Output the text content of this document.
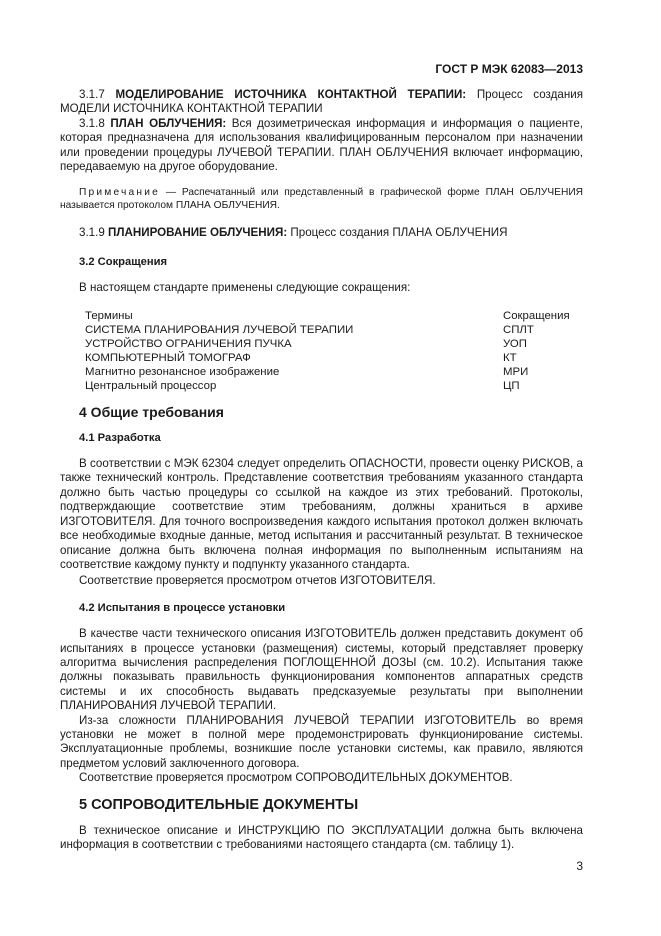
ГОСТ Р МЭК 62083—2013

3.1.7 МОДЕЛИРОВАНИЕ ИСТОЧНИКА КОНТАКТНОЙ ТЕРАПИИ: Процесс создания МОДЕЛИ ИСТОЧНИКА КОНТАКТНОЙ ТЕРАПИИ

3.1.8 ПЛАН ОБЛУЧЕНИЯ: Вся дозиметрическая информация и информация о пациенте, которая предназначена для использования квалифицированным персоналом при назначении или проведении процедуры ЛУЧЕВОЙ ТЕРАПИИ. ПЛАН ОБЛУЧЕНИЯ включает информацию, передаваемую на другое оборудование.

Примечание — Распечатанный или представленный в графической форме ПЛАН ОБЛУЧЕНИЯ называется протоколом ПЛАНА ОБЛУЧЕНИЯ.

3.1.9 ПЛАНИРОВАНИЕ ОБЛУЧЕНИЯ: Процесс создания ПЛАНА ОБЛУЧЕНИЯ

3.2 Сокращения

В настоящем стандарте применены следующие сокращения:

Термины	Сокращения
СИСТЕМА ПЛАНИРОВАНИЯ ЛУЧЕВОЙ ТЕРАПИИ	СПЛТ
УСТРОЙСТВО ОГРАНИЧЕНИЯ ПУЧКА	УОП
КОМПЬЮТЕРНЫЙ ТОМОГРАФ	КТ
Магнитно резонансное изображение	МРИ
Центральный процессор	ЦП
4 Общие требования
4.1 Разработка

В соответствии с МЭК 62304 следует определить ОПАСНОСТИ, провести оценку РИСКОВ, а также технический контроль. Представление соответствия требованиям указанного стандарта должно быть частью процедуры со ссылкой на каждое из этих требований. Протоколы, подтверждающие соответствие этим требованиям, должны храниться в архиве ИЗГОТОВИТЕЛЯ. Для точного воспроизведения каждого испытания протокол должен включать все необходимые входные данные, метод испытания и рассчитанный результат. В техническое описание должна быть включена полная информация по выполненным испытаниям на соответствие каждому пункту и подпункту указанного стандарта.

Соответствие проверяется просмотром отчетов ИЗГОТОВИТЕЛЯ.

4.2 Испытания в процессе установки

В качестве части технического описания ИЗГОТОВИТЕЛЬ должен представить документ об испытаниях в процессе установки (размещения) системы, который представляет проверку алгоритма вычисления распределения ПОГЛОЩЕННОЙ ДОЗЫ (см. 10.2). Испытания также должны показывать правильность функционирования компонентов аппаратных средств системы и их способность выдавать предсказуемые результаты при выполнении ПЛАНИРОВАНИЯ ЛУЧЕВОЙ ТЕРАПИИ.

Из-за сложности ПЛАНИРОВАНИЯ ЛУЧЕВОЙ ТЕРАПИИ ИЗГОТОВИТЕЛЬ во время установки не может в полной мере продемонстрировать функционирование системы. Эксплуатационные проблемы, возникшие после установки системы, как правило, являются предметом условий заключенного договора.

Соответствие проверяется просмотром СОПРОВОДИТЕЛЬНЫХ ДОКУМЕНТОВ.

5 СОПРОВОДИТЕЛЬНЫЕ ДОКУМЕНТЫ

В техническое описание и ИНСТРУКЦИЮ ПО ЭКСПЛУАТАЦИИ должна быть включена информация в соответствии с требованиями настоящего стандарта (см. таблицу 1).

3
